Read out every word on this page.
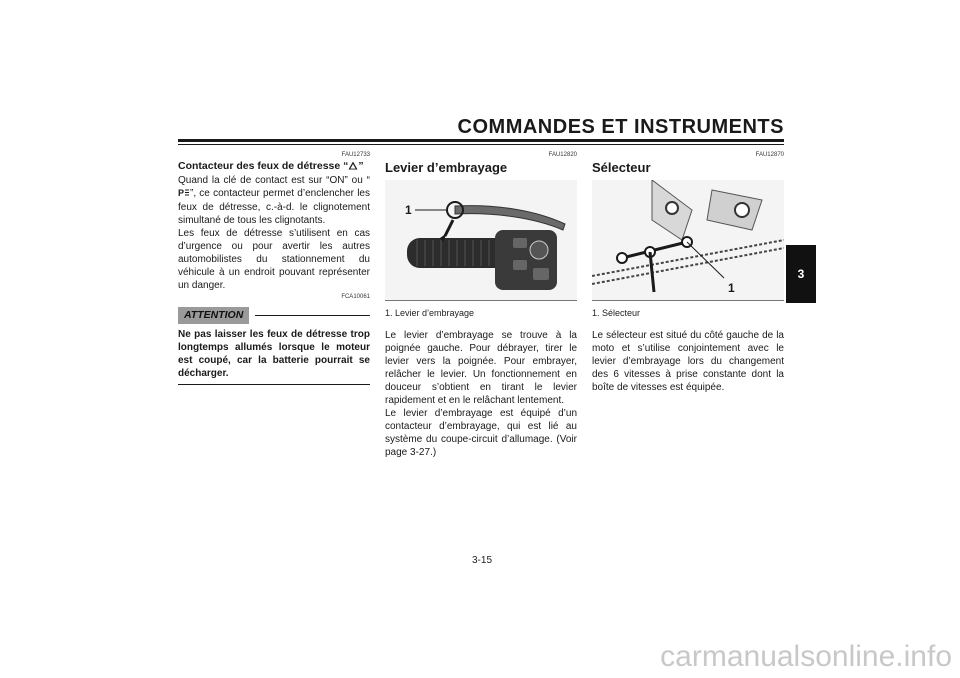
COMMANDES ET INSTRUMENTS
3
FAU12733

Contacteur des feux de détresse “ ”

Quand la clé de contact est sur “ON” ou “
P ”, ce contacteur permet d’enclencher les feux de détresse, c.-à-d. le clignotement simultané de tous les clignotants.

Les feux de détresse s’utilisent en cas d’urgence ou pour avertir les autres automobilistes du stationnement du véhicule à un endroit pouvant représenter un danger.

FCA10061
ATTENTION

Ne pas laisser les feux de détresse trop longtemps allumés lorsque le moteur est coupé, car la batterie pourrait se décharger.

FAU12820

Levier d’embrayage

1

1. Levier d’embrayage

Le levier d’embrayage se trouve à la poignée gauche. Pour débrayer, tirer le levier vers la poignée. Pour embrayer, relâcher le levier. Un fonctionnement en douceur s’obtient en tirant le levier rapidement et en le relâchant lentement.

Le levier d’embrayage est équipé d’un contacteur d’embrayage, qui est lié au système du coupe-circuit d’allumage. (Voir page 3-27.)

FAU12870

Sélecteur

1

1. Sélecteur

Le sélecteur est situé du côté gauche de la moto et s’utilise conjointement avec le levier d’embrayage lors du changement des 6 vitesses à prise constante dont la boîte de vitesses est équipée.

3-15
carmanualsonline.info
